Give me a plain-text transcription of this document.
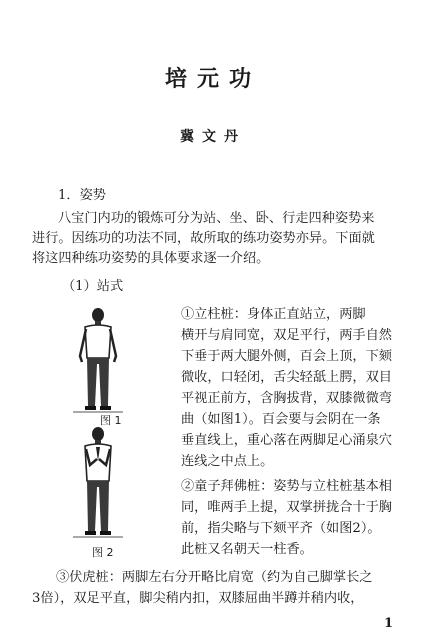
培元功
冀文丹
1．姿势
八宝门内功的锻炼可分为站、坐、卧、行走四种姿势来
进行。因练功的功法不同，故所取的练功姿势亦异。下面就
将这四种练功姿势的具体要求逐一介绍。
（1）站式
图 1
图 2
①立柱桩：身体正直站立，两脚
横开与肩同宽，双足平行，两手自然
下垂于两大腿外侧，百会上顶，下颏
微收，口轻闭，舌尖轻舐上腭，双目
平视正前方，含胸拔背，双膝微微弯
曲（如图1）。百会要与会阴在一条
垂直线上，重心落在两脚足心涌泉穴
连线之中点上。
②童子拜佛桩：姿势与立柱桩基本相
同，唯两手上提，双掌拼拢合十于胸
前，指尖略与下颏平齐（如图2）。
此桩又名朝天一柱香。
③伏虎桩：两脚左右分开略比肩宽（约为自己脚掌长之
3倍），双足平直，脚尖稍内扣，双膝屈曲半蹲并稍内收，
1
